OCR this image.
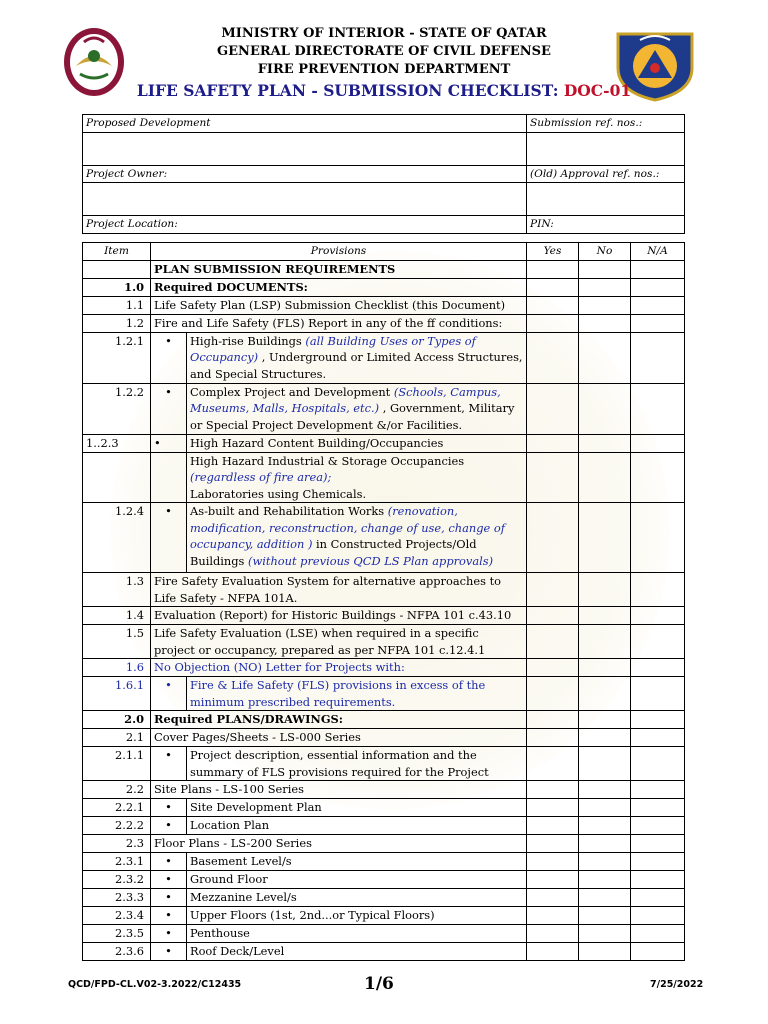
MINISTRY OF INTERIOR - STATE OF QATAR
GENERAL DIRECTORATE OF CIVIL DEFENSE
FIRE PREVENTION DEPARTMENT
LIFE SAFETY PLAN - SUBMISSION CHECKLIST: DOC-01
Proposed Development	Submission ref. nos.:

Project Owner:	(Old) Approval ref. nos.:

Project Location:	PIN:
Item	Provisions		Yes	No	N/A
	PLAN SUBMISSION REQUIREMENTS				
1.0	Required DOCUMENTS:				
1.1	Life Safety Plan (LSP) Submission Checklist (this Document)				
1.2	Fire and Life Safety (FLS) Report in any of the ff conditions:				
1.2.1	•	High-rise Buildings (all Building Uses or Types of Occupancy) , Underground or Limited Access Structures, and Special Structures.			
1.2.2	•	Complex Project and Development (Schools, Campus, Museums, Malls, Hospitals, etc.) , Government, Military or Special Project Development &/or Facilities.			
1..2.3	•	High Hazard Content Building/Occupancies			

		High Hazard Industrial & Storage Occupancies
(regardless of fire area);
Laboratories using Chemicals.			

1.2.4	•	As-built and Rehabilitation Works (renovation, modification, reconstruction, change of use, change of occupancy, addition ) in Constructed Projects/Old Buildings (without previous QCD LS Plan approvals)			
1.3	Fire Safety Evaluation System for alternative approaches to Life Safety - NFPA 101A.				
1.4	Evaluation (Report) for Historic Buildings - NFPA 101 c.43.10				
1.5	Life Safety Evaluation (LSE) when required in a specific project or occupancy, prepared as per NFPA 101 c.12.4.1				
1.6	No Objection (NO) Letter for Projects with:				
1.6.1	•	Fire & Life Safety (FLS) provisions in excess of the minimum prescribed requirements.			
2.0	Required PLANS/DRAWINGS:				
2.1	Cover Pages/Sheets - LS-000 Series				
2.1.1	•	Project description, essential information and the summary of FLS provisions required for the Project			
2.2	Site Plans - LS-100 Series				
2.2.1	•	Site Development Plan			
2.2.2	•	Location Plan			
2.3	Floor Plans - LS-200 Series				
2.3.1	•	Basement Level/s			
2.3.2	•	Ground Floor			
2.3.3	•	Mezzanine Level/s			
2.3.4	•	Upper Floors (1st, 2nd...or Typical Floors)			
2.3.5	•	Penthouse			
2.3.6	•	Roof Deck/Level			
QCD/FPD-CL.V02-3.2022/C12435	1/6	7/25/2022
